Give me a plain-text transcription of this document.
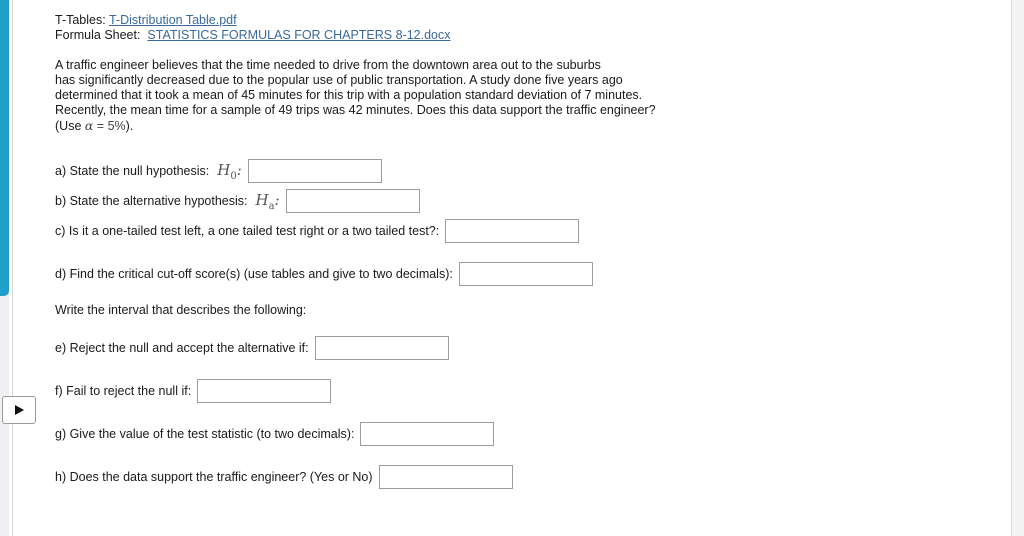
T-Tables: T-Distribution Table.pdf
Formula Sheet: STATISTICS FORMULAS FOR CHAPTERS 8-12.docx
A traffic engineer believes that the time needed to drive from the downtown area out to the suburbs
has significantly decreased due to the popular use of public transportation. A study done five years ago
determined that it took a mean of 45 minutes for this trip with a population standard deviation of 7 minutes.
Recently, the mean time for a sample of 49 trips was 42 minutes. Does this data support the traffic engineer?
(Use α = 5%).
a) State the null hypothesis: $H_0$:
b) State the alternative hypothesis: $H_a$:
c) Is it a one-tailed test left, a one tailed test right or a two tailed test?:
d) Find the critical cut-off score(s) (use tables and give to two decimals):
Write the interval that describes the following:
e) Reject the null and accept the alternative if:
f) Fail to reject the null if:
g) Give the value of the test statistic (to two decimals):
h) Does the data support the traffic engineer? (Yes or No)
